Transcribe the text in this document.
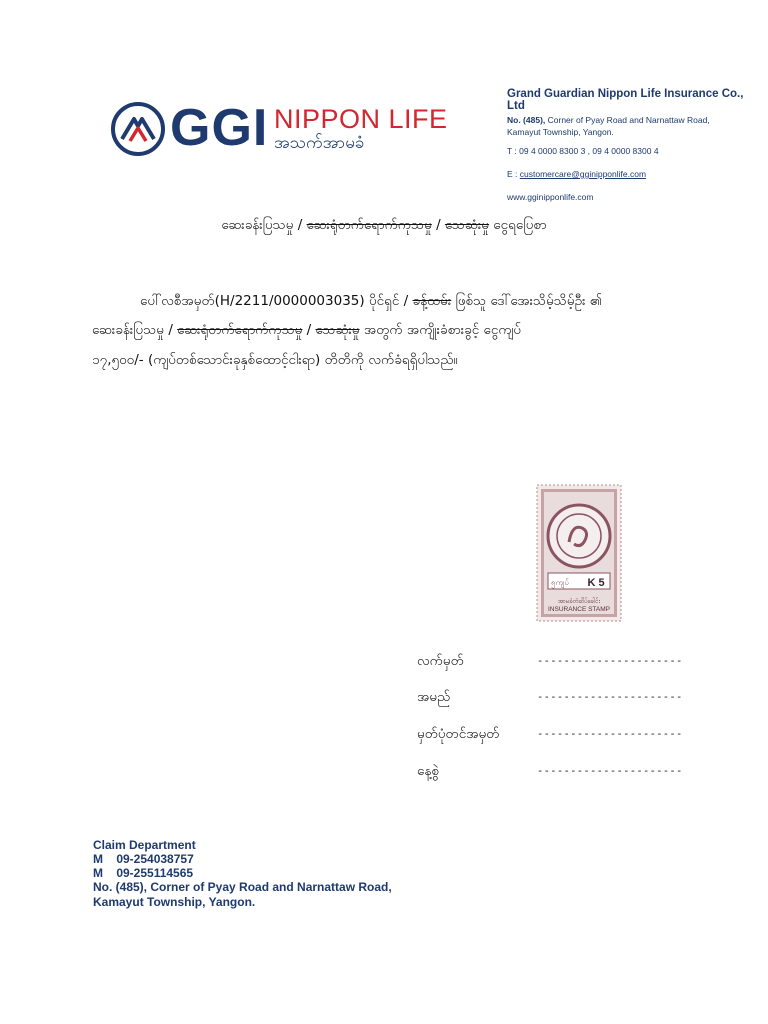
GGI NIPPON LIFE
အသက်အာမခံ
Grand Guardian Nippon Life Insurance Co., Ltd
No. (485), Corner of Pyay Road and Narnattaw Road,
Kamayut Township, Yangon.
T : 09 4 0000 8300 3 , 09 4 0000 8300 4
E : customercare@gginipponlife.com
www.gginipponlife.com
ဆေးခန်းပြသမှု / ဆေးရုံတက်ရောက်ကုသမှု / သေဆုံးမှု ငွေရပြေစာ
ပေါ်လစီအမှတ်(H/2211/0000003035) ပိုင်ရှင် / ခန့်ထမ်း ဖြစ်သူ ဒေါ်အေးသိမ့်သိမ့်ဦး ၏
ဆေးခန်းပြသမှု / ဆေးရုံတက်ရောက်ကုသမှု / သေဆုံးမှု အတွက် အကျိုးခံစားခွင့် ငွေကျပ်
၁၇,၅၀၀/- (ကျပ်တစ်သောင်းခုနှစ်ထောင့်ငါးရာ) တိတိကို လက်ခံရရှိပါသည်။
၅ကျပ် K 5
အာမခံတံဆိပ်ခေါင်း
INSURANCE STAMP
လက်မှတ်	----------------------
အမည်	----------------------
မှတ်ပုံတင်အမှတ်	----------------------
နေ့စွဲ	----------------------
Claim Department
M    09-254038757
M    09-255114565
No. (485), Corner of Pyay Road and Narnattaw Road,
Kamayut Township, Yangon.
